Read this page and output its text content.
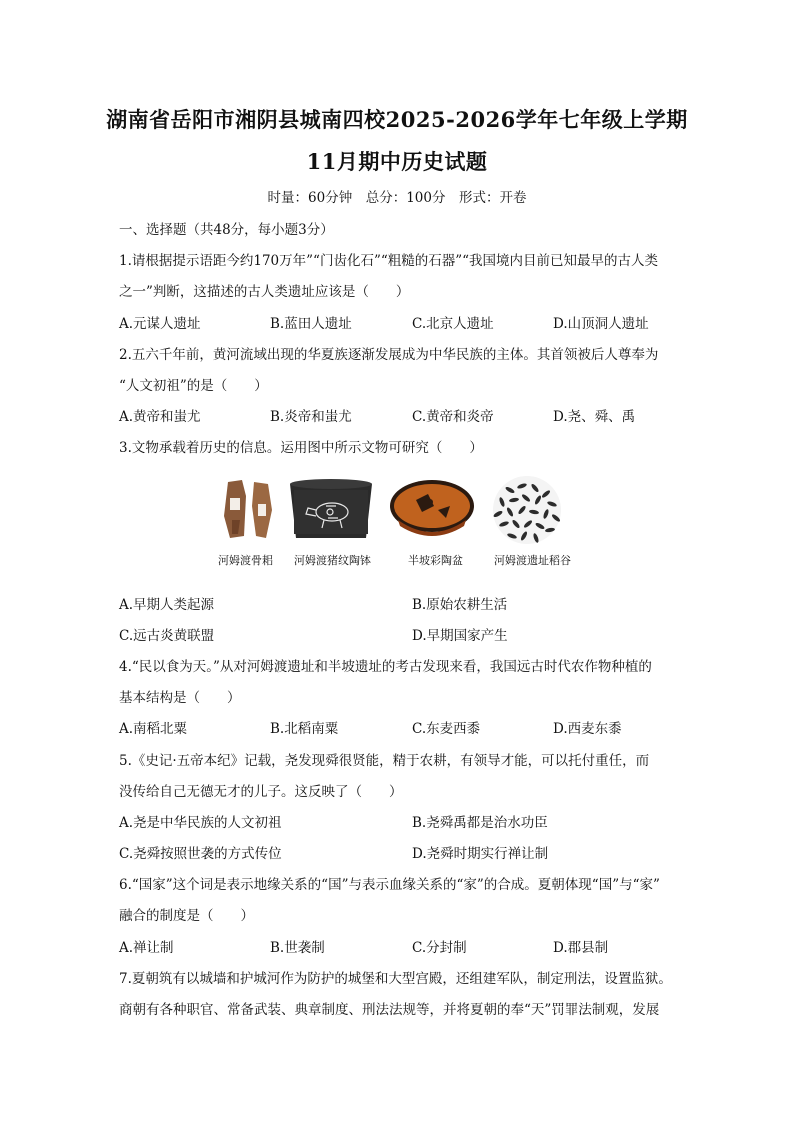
湖南省岳阳市湘阴县城南四校2025-2026学年七年级上学期
11月期中历史试题
时量：60分钟　总分：100分　形式：开卷
一、选择题（共48分，每小题3分）
1.请根据提示语距今约170万年”“门齿化石”“粗糙的石器”“我国境内目前已知最早的古人类
之一”判断，这描述的古人类遗址应该是（　　）
A.元谋人遗址	B.蓝田人遗址	C.北京人遗址	D.山顶洞人遗址
2.五六千年前，黄河流域出现的华夏族逐渐发展成为中华民族的主体。其首领被后人尊奉为
“人文初祖”的是（　　）
A.黄帝和蚩尤	B.炎帝和蚩尤	C.黄帝和炎帝	D.尧、舜、禹
3.文物承载着历史的信息。运用图中所示文物可研究（　　）
河姆渡骨耜 河姆渡猪纹陶钵	半坡彩陶盆	河姆渡遗址稻谷
A.早期人类起源	B.原始农耕生活
C.远古炎黄联盟	D.早期国家产生
4.“民以食为天。”从对河姆渡遗址和半坡遗址的考古发现来看，我国远古时代农作物种植的
基本结构是（　　）
A.南稻北粟	B.北稻南粟	C.东麦西黍	D.西麦东黍
5.《史记·五帝本纪》记载，尧发现舜很贤能，精于农耕，有领导才能，可以托付重任，而
没传给自己无德无才的儿子。这反映了（　　）
A.尧是中华民族的人文初祖	B.尧舜禹都是治水功臣
C.尧舜按照世袭的方式传位	D.尧舜时期实行禅让制
6.“国家”这个词是表示地缘关系的“国”与表示血缘关系的“家”的合成。夏朝体现“国”与“家”
融合的制度是（　　）
A.禅让制	B.世袭制	C.分封制	D.郡县制
7.夏朝筑有以城墙和护城河作为防护的城堡和大型宫殿，还组建军队，制定刑法，设置监狱。
商朝有各种职官、常备武装、典章制度、刑法法规等，并将夏朝的奉“天”罚罪法制观，发展
